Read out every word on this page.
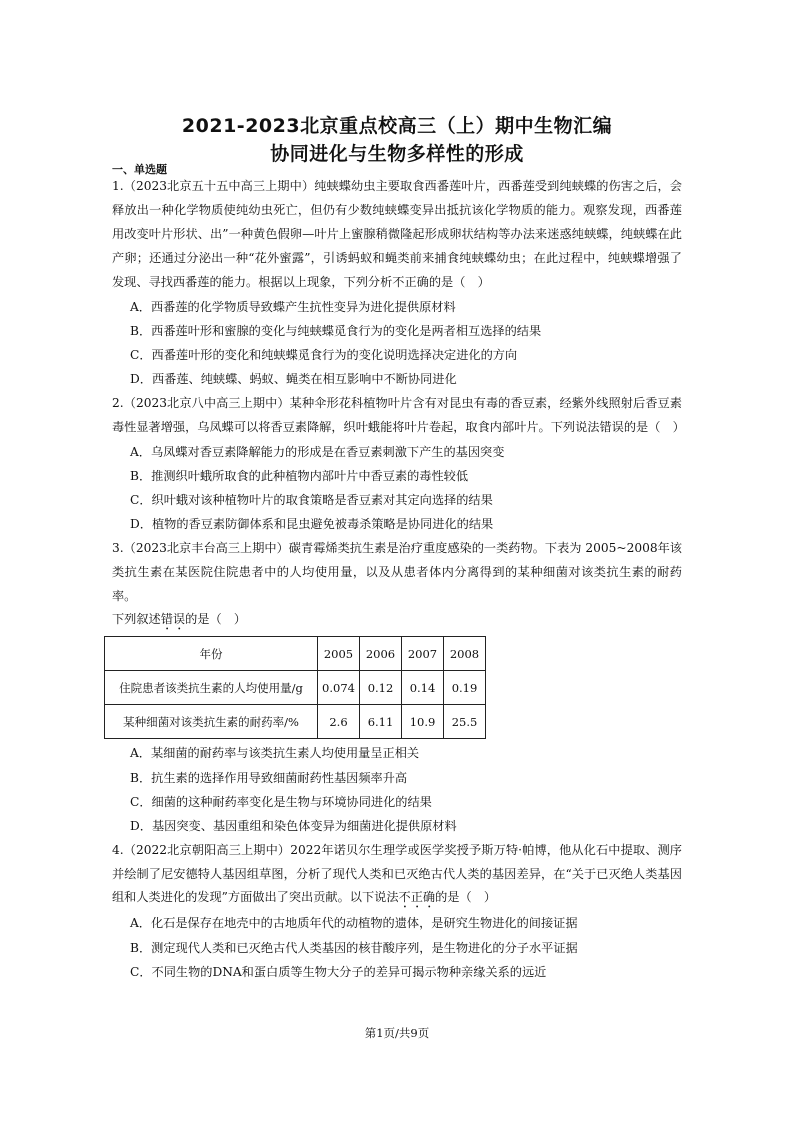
2021-2023北京重点校高三（上）期中生物汇编
协同进化与生物多样性的形成
一、单选题
1.（2023北京五十五中高三上期中）纯蛱蝶幼虫主要取食西番莲叶片，西番莲受到纯蛱蝶的伤害之后，会释放出一种化学物质使纯幼虫死亡，但仍有少数纯蛱蝶变异出抵抗该化学物质的能力。观察发现，西番莲用改变叶片形状、出”一种黄色假卵—叶片上蜜腺稍微隆起形成卵状结构等办法来迷惑纯蛱蝶，纯蛱蝶在此产卵；还通过分泌出一种“花外蜜露”，引诱蚂蚁和蝇类前来捕食纯蛱蝶幼虫；在此过程中，纯蛱蝶增强了发现、寻找西番莲的能力。根据以上现象，下列分析不正确的是（　）
A．西番莲的化学物质导致蝶产生抗性变异为进化提供原材料
B．西番莲叶形和蜜腺的变化与纯蛱蝶觅食行为的变化是两者相互选择的结果
C．西番莲叶形的变化和纯蛱蝶觅食行为的变化说明选择决定进化的方向
D．西番莲、纯蛱蝶、蚂蚁、蝇类在相互影响中不断协同进化
2.（2023北京八中高三上期中）某种伞形花科植物叶片含有对昆虫有毒的香豆素，经紫外线照射后香豆素毒性显著增强，乌凤蝶可以将香豆素降解，织叶蛾能将叶片卷起，取食内部叶片。下列说法错误的是（　）
A．乌凤蝶对香豆素降解能力的形成是在香豆素刺激下产生的基因突变
B．推测织叶蛾所取食的此种植物内部叶片中香豆素的毒性较低
C．织叶蛾对该种植物叶片的取食策略是香豆素对其定向选择的结果
D．植物的香豆素防御体系和昆虫避免被毒杀策略是协同进化的结果
3.（2023北京丰台高三上期中）碳青霉烯类抗生素是治疗重度感染的一类药物。下表为 2005~2008年该类抗生素在某医院住院患者中的人均使用量，以及从患者体内分离得到的某种细菌对该类抗生素的耐药率。
下列叙述错误的是（　）
年份	2005	2006	2007	2008
住院患者该类抗生素的人均使用量/g	0.074	0.12	0.14	0.19
某种细菌对该类抗生素的耐药率/%	2.6	6.11	10.9	25.5
A．某细菌的耐药率与该类抗生素人均使用量呈正相关
B．抗生素的选择作用导致细菌耐药性基因频率升高
C．细菌的这种耐药率变化是生物与环境协同进化的结果
D．基因突变、基因重组和染色体变异为细菌进化提供原材料
4.（2022北京朝阳高三上期中）2022年诺贝尔生理学或医学奖授予斯万特·帕博，他从化石中提取、测序并绘制了尼安德特人基因组草图，分析了现代人类和已灭绝古代人类的基因差异，在“关于已灭绝人类基因组和人类进化的发现”方面做出了突出贡献。以下说法不正确的是（　）
A．化石是保存在地壳中的古地质年代的动植物的遗体，是研究生物进化的间接证据
B．测定现代人类和已灭绝古代人类基因的核苷酸序列，是生物进化的分子水平证据
C．不同生物的DNA和蛋白质等生物大分子的差异可揭示物种亲缘关系的远近
第1页/共9页
